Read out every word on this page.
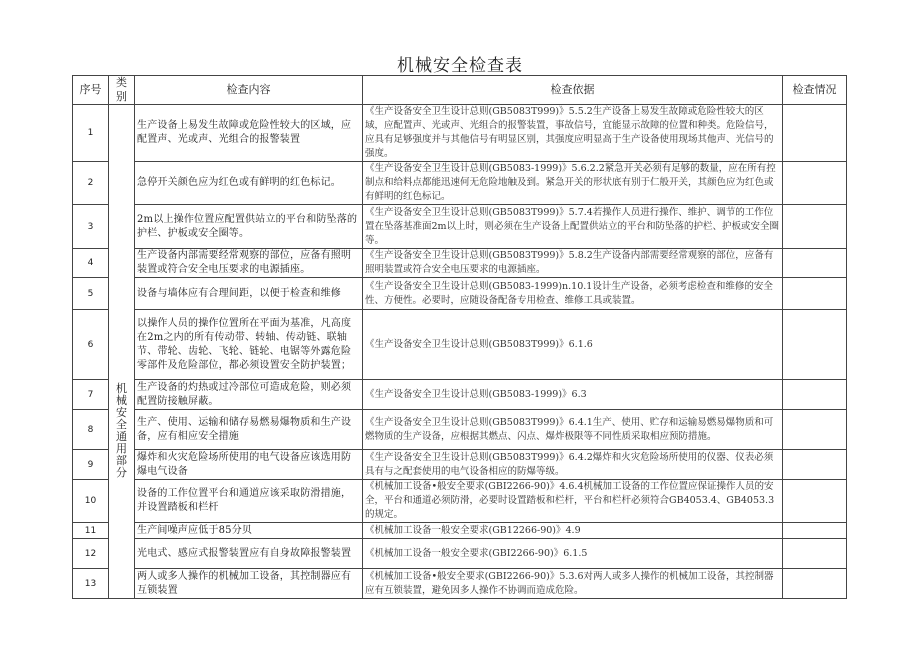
机械安全检查表
序号	类别	检查内容	检查依据	检查情况
1	机械安全通用部分	生产设备上易发生故障或危险性较大的区域，应配置声、光或声、光组合的报警装置	《生产设备安全卫生设计总则(GB5083T999)》5.5.2生产设备上易发生故障或危险性较大的区域，应配置声、光或声、光组合的报警装置，事故信号，宜能显示故障的位置和种类。危险信号，应具有足够强度并与其他信号有明显区别，其强度应明显高于生产设备使用现场其他声、光信号的强度。	
2		急停开关颜色应为红色或有鲜明的红色标记。	《生产设备安全卫生设计总则(GB5083-1999)》5.6.2.2紧急开关必须有足够的数量，应在所有控制点和给料点都能迅速何无危险地触及到。紧急开关的形状底有别于仁般开关，其颜色应为红色或有鲜明的红色标记。	
3		2m以上操作位置应配置供站立的平台和防坠落的护栏、护板或安全圈等。	《生产设备安全卫生设计总则(GB5083T999)》5.7.4若操作人员进行操作、维护、调节的工作位置在坠落基准面2m以上时，则必须在生产设备上配置供站立的平台和防坠落的护栏、护板或安全圈等。	
4		生产设备内部需要经常观察的部位，应备有照明装置或符合安全电压要求的电源插座。	《生产设备安全卫生设计总则(GB5083T999)》5.8.2生产设备内部需要经常观察的部位，应备有照明装置或符合安全电压要求的电源插座。	
5		设备与墙体应有合理间距，以便于检查和维修	《生产设备安全卫生设计总则(GB5083-1999)n.10.1设计生产设备，必须考虑检查和维修的安全性、方便性。必要时，应随设备配备专用检查、维修工具或装置。	
6		以操作人员的操作位置所在平面为基准，凡高度在2m之内的所有传动带、转轴、传动链、联轴节、带轮、齿轮、飞轮、链轮、电锯等外露危险零部件及危险部位，都必须设置安全防护装置；	《生产设备安全卫生设计总则(GB5083T999)》6.1.6	
7		生产设备的灼热或过冷部位可造成危险，则必须配置防接触屏蔽。	《生产设备安全卫生设计总则(GB5083-1999)》6.3	
8		生产、使用、运输和储存易燃易爆物质和生产设备，应有相应安全措施	《生产设备安全卫生设计总则(GB5083T999)》6.4.1生产、使用、贮存和运输易燃易爆物质和可燃物质的生产设备，应根据其燃点、闪点、爆炸极限等不同性质采取相应预防措施。	
9		爆炸和火灾危险场所使用的电气设备应该选用防爆电气设备	《生产设备安全卫生设计总则(GB5083T999)》6.4.2爆炸和火灾危险场所使用的仪器、仪表必须具有与之配套使用的电气设备相应的防爆等级。	
10		设备的工作位置平台和通道应该采取防滑措施，并设置踏板和栏杆	《机械加工设备•般安全要求(GBI2266-90)》4.6.4机械加工设备的工作位置应保证操作人员的安全，平台和通道必须防滑，必要时设置踏板和栏杆，平台和栏杆必须符合GB4053.4、GB4053.3的规定。	
11		生产间噪声应低于85分贝	《机械加工设备一般安全要求(GB12266-90)》4.9	
12		光电式、感应式报警装置应有自身故障报警装置	《机械加工设备一般安全要求(GBI2266-90)》6.1.5	
13		两人或多人操作的机械加工设备，其控制器应有互锁装置	《机械加工设备•般安全要求(GBI2266-90)》5.3.6对两人或多人操作的机械加工设备，其控制器应有互锁装置，避免因多人操作不协调而造成危险。	
